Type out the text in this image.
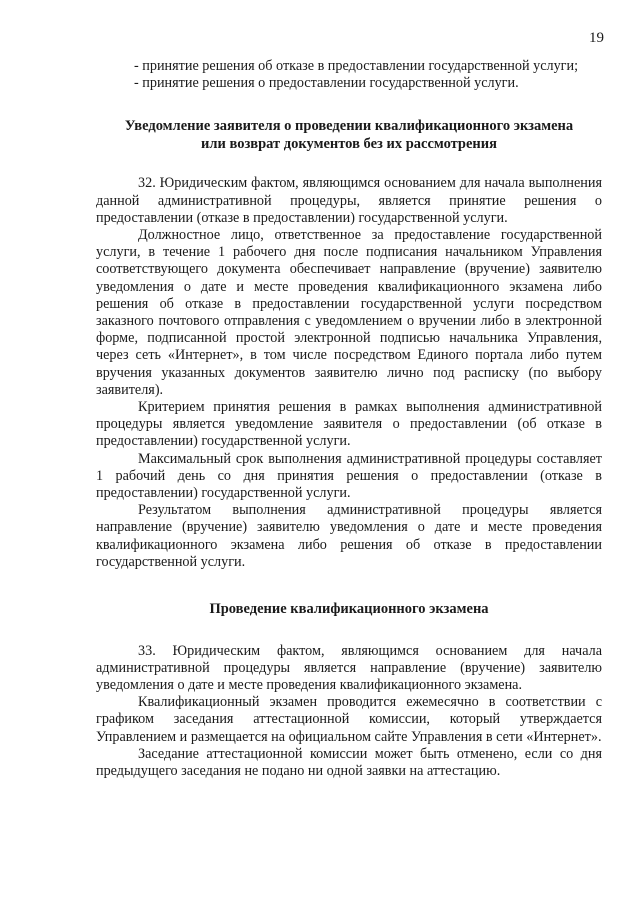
19

- принятие решения об отказе в предоставлении государственной услуги;

- принятие решения о предоставлении государственной услуги.

Уведомление заявителя о проведении квалификационного экзамена
или возврат документов без их рассмотрения

32. Юридическим фактом, являющимся основанием для начала выполнения данной административной процедуры, является принятие решения о предоставлении (отказе в предоставлении) государственной услуги.

Должностное лицо, ответственное за предоставление государственной услуги, в течение 1 рабочего дня после подписания начальником Управления соответствующего документа обеспечивает направление (вручение) заявителю уведомления о дате и месте проведения квалификационного экзамена либо решения об отказе в предоставлении государственной услуги посредством заказного почтового отправления с уведомлением о вручении либо в электронной форме, подписанной простой электронной подписью начальника Управления, через сеть «Интернет», в том числе посредством Единого портала либо путем вручения указанных документов заявителю лично под расписку (по выбору заявителя).

Критерием принятия решения в рамках выполнения административной процедуры является уведомление заявителя о предоставлении (об отказе в предоставлении) государственной услуги.

Максимальный срок выполнения административной процедуры составляет 1 рабочий день со дня принятия решения о предоставлении (отказе в предоставлении) государственной услуги.

Результатом выполнения административной процедуры является направление (вручение) заявителю уведомления о дате и месте проведения квалификационного экзамена либо решения об отказе в предоставлении государственной услуги.

Проведение квалификационного экзамена

33. Юридическим фактом, являющимся основанием для начала административной процедуры является направление (вручение) заявителю уведомления о дате и месте проведения квалификационного экзамена.

Квалификационный экзамен проводится ежемесячно в соответствии с графиком заседания аттестационной комиссии, который утверждается Управлением и размещается на официальном сайте Управления в сети «Интернет».

Заседание аттестационной комиссии может быть отменено, если со дня предыдущего заседания не подано ни одной заявки на аттестацию.
